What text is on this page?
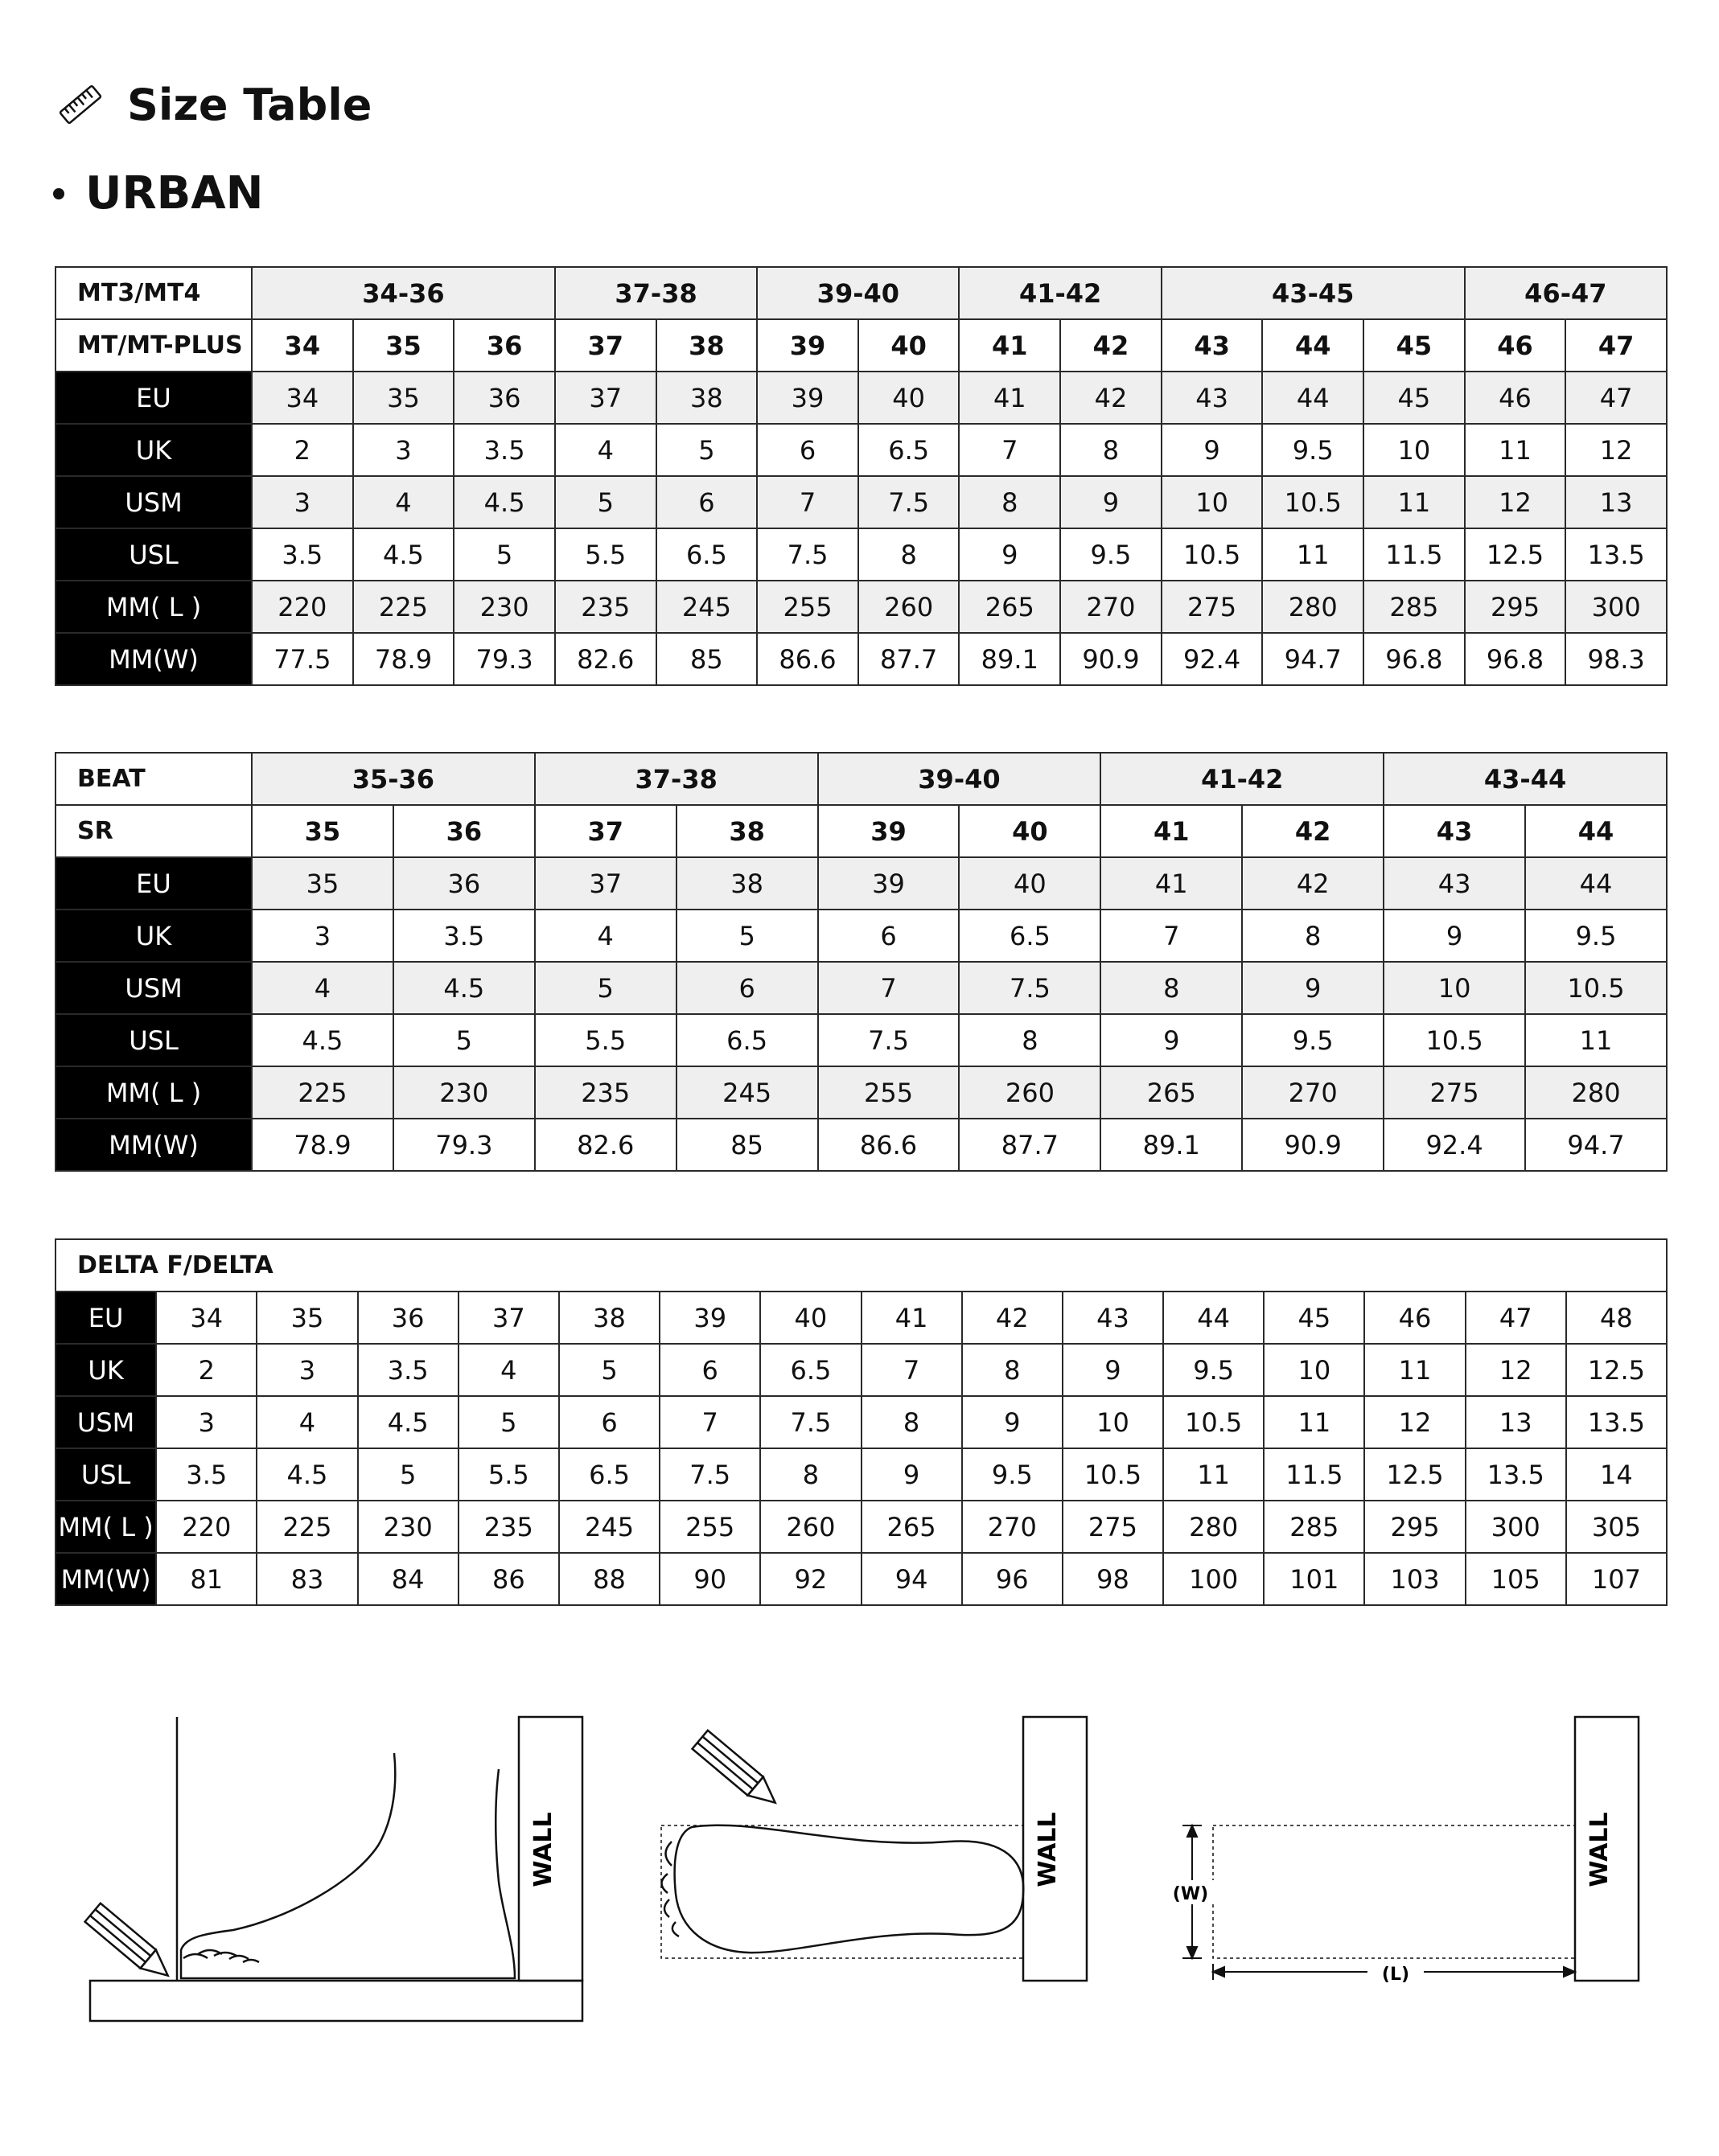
Size Table
URBAN
MT3/MT4	34-36			37-38		39-40		41-42		43-45			46-47	
MT/MT-PLUS	34	35	36	37	38	39	40	41	42	43	44	45	46	47
EU	34	35	36	37	38	39	40	41	42	43	44	45	46	47
UK	2	3	3.5	4	5	6	6.5	7	8	9	9.5	10	11	12
USM	3	4	4.5	5	6	7	7.5	8	9	10	10.5	11	12	13
USL	3.5	4.5	5	5.5	6.5	7.5	8	9	9.5	10.5	11	11.5	12.5	13.5
MM( L )	220	225	230	235	245	255	260	265	270	275	280	285	295	300
MM(W)	77.5	78.9	79.3	82.6	85	86.6	87.7	89.1	90.9	92.4	94.7	96.8	96.8	98.3
BEAT	35-36		37-38		39-40		41-42		43-44	
SR	35	36	37	38	39	40	41	42	43	44
EU	35	36	37	38	39	40	41	42	43	44
UK	3	3.5	4	5	6	6.5	7	8	9	9.5
USM	4	4.5	5	6	7	7.5	8	9	10	10.5
USL	4.5	5	5.5	6.5	7.5	8	9	9.5	10.5	11
MM( L )	225	230	235	245	255	260	265	270	275	280
MM(W)	78.9	79.3	82.6	85	86.6	87.7	89.1	90.9	92.4	94.7
DELTA F/DELTA															
EU	34	35	36	37	38	39	40	41	42	43	44	45	46	47	48
UK	2	3	3.5	4	5	6	6.5	7	8	9	9.5	10	11	12	12.5
USM	3	4	4.5	5	6	7	7.5	8	9	10	10.5	11	12	13	13.5
USL	3.5	4.5	5	5.5	6.5	7.5	8	9	9.5	10.5	11	11.5	12.5	13.5	14
MM( L )	220	225	230	235	245	255	260	265	270	275	280	285	295	300	305
MM(W)	81	83	84	86	88	90	92	94	96	98	100	101	103	105	107
WALL	WALL
(W)
(L)
WALL
